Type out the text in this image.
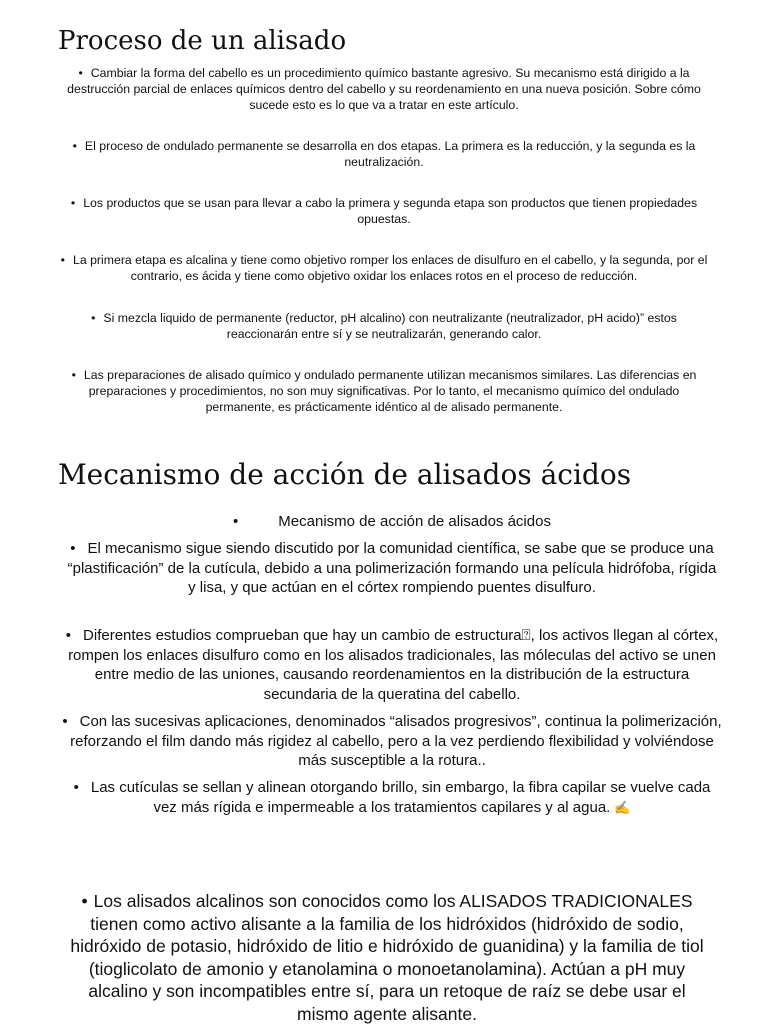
Proceso de un alisado

• Cambiar la forma del cabello es un procedimiento químico bastante agresivo. Su mecanismo está dirigido a la destrucción parcial de enlaces químicos dentro del cabello y su reordenamiento en una nueva posición. Sobre cómo sucede esto es lo que va a tratar en este artículo.

• El proceso de ondulado permanente se desarrolla en dos etapas. La primera es la reducción, y la segunda es la neutralización.

• Los productos que se usan para llevar a cabo la primera y segunda etapa son productos que tienen propiedades opuestas.

• La primera etapa es alcalina y tiene como objetivo romper los enlaces de disulfuro en el cabello, y la segunda, por el contrario, es ácida y tiene como objetivo oxidar los enlaces rotos en el proceso de reducción.

• Si mezcla liquido de permanente (reductor, pH alcalino) con neutralizante (neutralizador, pH acido)” estos reaccionarán entre sí y se neutralizarán, generando calor.

• Las preparaciones de alisado químico y ondulado permanente utilizan mecanismos similares. Las diferencias en preparaciones y procedimientos, no son muy significativas. Por lo tanto, el mecanismo químico del ondulado permanente, es prácticamente idéntico al de alisado permanente.

Mecanismo de acción de alisados ácidos

•	Mecanismo de acción de alisados ácidos

• El mecanismo sigue siendo discutido por la comunidad científica, se sabe que se produce una “plastificación” de la cutícula, debido a una polimerización formando una película hidrófoba, rígida y lisa, y que actúan en el córtex rompiendo puentes disulfuro.

• Diferentes estudios comprueban que hay un cambio de estructura⍰, los activos llegan al córtex, rompen los enlaces disulfuro como en los alisados tradicionales, las móleculas del activo se unen entre medio de las uniones, causando reordenamientos en la distribución de la estructura secundaria de la queratina del cabello.

• Con las sucesivas aplicaciones, denominados “alisados progresivos”, continua la polimerización, reforzando el film dando más rigidez al cabello, pero a la vez perdiendo flexibilidad y volviéndose más susceptible a la rotura..

• Las cutículas se sellan y alinean otorgando brillo, sin embargo, la fibra capilar se vuelve cada vez más rígida e impermeable a los tratamientos capilares y al agua. ✍

• Los alisados alcalinos son conocidos como los ALISADOS TRADICIONALES tienen como activo alisante a la familia de los hidróxidos (hidróxido de sodio, hidróxido de potasio, hidróxido de litio e hidróxido de guanidina) y la familia de tiol (tioglicolato de amonio y etanolamina o monoetanolamina). Actúan a pH muy alcalino y son incompatibles entre sí, para un retoque de raíz se debe usar el mismo agente alisante.
